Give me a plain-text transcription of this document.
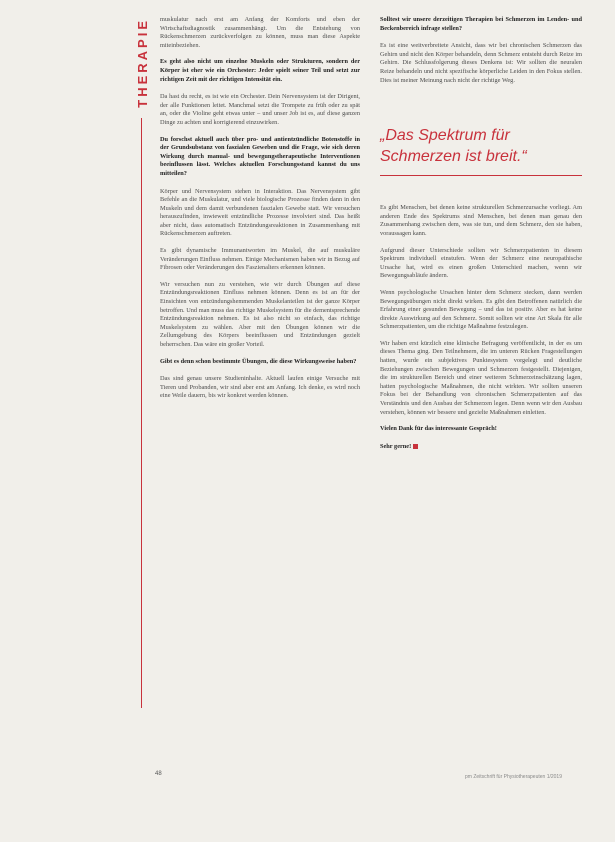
THERAPIE muskulatur nach erst am Anfang der Komforts und eben der Wirtschaftsdiagnostik zusammenhängt. Um die Entstehung von Rückenschmerzen zurückverfolgen zu können, muss man diese Aspekte miteinbeziehen.

Es geht also nicht um einzelne Muskeln oder Strukturen, sondern der Körper ist eher wie ein Orchester: Jeder spielt seiner Teil und setzt zur richtigen Zeit mit der richtigen Intensität ein.

Da hast du recht, es ist wie ein Orchester. Dein Nervensystem ist der Dirigent, der alle Funktionen leitet. Manchmal setzt die Trompete zu früh oder zu spät an, oder die Violine geht etwas unter – und unser Job ist es, auf diese ganzen Dinge zu achten und korrigierend einzuwirken.

Du forschst aktuell auch über pro- und antientzündliche Botenstoffe in der Grundsubstanz von faszialen Geweben und die Frage, wie sich deren Wirkung durch manual- und bewegungstherapeutische Interventionen beeinflussen lässt. Welches aktuellen Forschungsstand kannst du uns mitteilen?

Körper und Nervensystem stehen in Interaktion. Das Nervensystem gibt Befehle an die Muskulatur, und viele biologische Prozesse finden dann in den Muskeln und dem damit verbundenen faszialen Gewebe statt. Wir versuchen herauszufinden, inwieweit entzündliche Prozesse involviert sind. Das heißt aber nicht, dass automatisch Entzündungsreaktionen in Zusammenhang mit Rückenschmerzen auftreten.

Es gibt dynamische Immunantworten im Muskel, die auf muskuläre Veränderungen Einfluss nehmen. Einige Mechanismen haben wir in Bezug auf Fibrosen oder Veränderungen des Faszienalters erkennen können.

Wir versuchen nun zu verstehen, wie wir durch Übungen auf diese Entzündungsreaktionen Einfluss nehmen können. Denn es ist an für der Einsichten von entzündungshemmenden Muskelanteilen ist der ganze Körper betroffen. Und man muss das richtige Muskelsystem für die dementsprechende Entzündungsreaktion nehmen. Es ist also nicht so einfach, das richtige Muskelsystem zu wählen. Aber mit den Übungen können wir die Zellumgebung des Körpers beeinflussen und Entzündungen gezielt beherrschen. Das wäre ein großer Vorteil.

Gibt es denn schon bestimmte Übungen, die diese Wirkungsweise haben?

Das sind genau unsere Studieninhalte. Aktuell laufen einige Versuche mit Tieren und Probanden, wir sind aber erst am Anfang. Ich denke, es wird noch eine Weile dauern, bis wir konkret werden können.

Solltest wir unsere derzeitigen Therapien bei Schmerzen im Lenden- und Beckenbereich infrage stellen?

Es ist eine weitverbreitete Ansicht, dass wir bei chronischen Schmerzen das Gehirn und nicht den Körper behandeln, denn Schmerz entsteht durch Reize im Gehirn. Die Schlussfolgerung dieses Denkens ist: Wir sollten die neuralen Reize behandeln und nicht spezifische körperliche Leiden in den Fokus stellen. Dies ist meiner Meinung nach nicht der richtige Weg.

„Das Spektrum für Schmerzen ist breit.“

Es gibt Menschen, bei denen keine strukturellen Schmerzursache vorliegt. Am anderen Ende des Spektrums sind Menschen, bei denen man genau den Zusammenhang zwischen dem, was sie tun, und dem Schmerz, den sie haben, voraussagen kann.

Aufgrund dieser Unterschiede sollten wir Schmerzpatienten in diesem Spektrum individuell einstufen. Wenn der Schmerz eine neuropathische Ursache hat, wird es einen großen Unterschied machen, wenn wir Bewegungsabläufe ändern.

Wenn psychologische Ursachen hinter dem Schmerz stecken, dann werden Bewegungsübungen nicht direkt wirken. Es gibt den Betroffenen natürlich die Erfahrung einer gesunden Bewegung – und das ist positiv. Aber es hat keine direkte Auswirkung auf den Schmerz. Somit sollten wir eine Art Skala für alle Schmerzpatienten, um die richtige Maßnahme festzulegen.

Wir haben erst kürzlich eine klinische Befragung veröffentlicht, in der es um dieses Thema ging. Den Teilnehmern, die im unteren Rücken Fragestellungen hatten, wurde ein subjektives Punktesystem vorgelegt und deutliche Beziehungen zwischen Bewegungen und Schmerzen festgestellt. Diejenigen, die im strukturellen Bereich und einer weiteren Schmerzeinschätzung lagen, hatten psychologische Maßnahmen, die nicht wirkten. Wir sollten unseren Fokus bei der Behandlung von chronischen Schmerzpatienten auf das Verständnis und den Ausbau der Schmerzen legen. Denn wenn wir den Ausbau verstehen, können wir bessere und gezielte Maßnahmen einleiten.

Vielen Dank für das interessante Gespräch!

Sehr gerne!

48	pm Zeitschrift für Physiotherapeuten 1/2019
